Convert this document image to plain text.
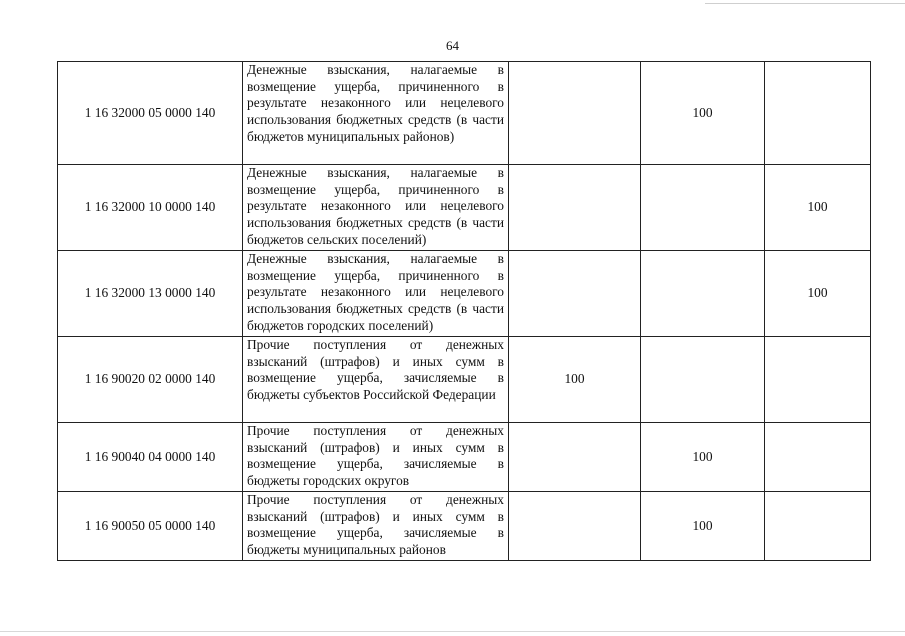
64
1 16 32000 05 0000 140	Денежные взыскания, налагаемые в возмещение ущерба, причиненного в результате незаконного или нецелевого использования бюджетных средств (в части бюджетов муниципальных районов)		100	
1 16 32000 10 0000 140	Денежные взыскания, налагаемые в возмещение ущерба, причиненного в результате незаконного или нецелевого использования бюджетных средств (в части бюджетов сельских поселений)			100
1 16 32000 13 0000 140	Денежные взыскания, налагаемые в возмещение ущерба, причиненного в результате незаконного или нецелевого использования бюджетных средств (в части бюджетов городских поселений)			100
1 16 90020 02 0000 140	Прочие поступления от денежных взысканий (штрафов) и иных сумм в возмещение ущерба, зачисляемые в бюджеты субъектов Российской Федерации	100		
1 16 90040 04 0000 140	Прочие поступления от денежных взысканий (штрафов) и иных сумм в возмещение ущерба, зачисляемые в бюджеты городских округов		100	
1 16 90050 05 0000 140	Прочие поступления от денежных взысканий (штрафов) и иных сумм в возмещение ущерба, зачисляемые в бюджеты муниципальных районов		100	
